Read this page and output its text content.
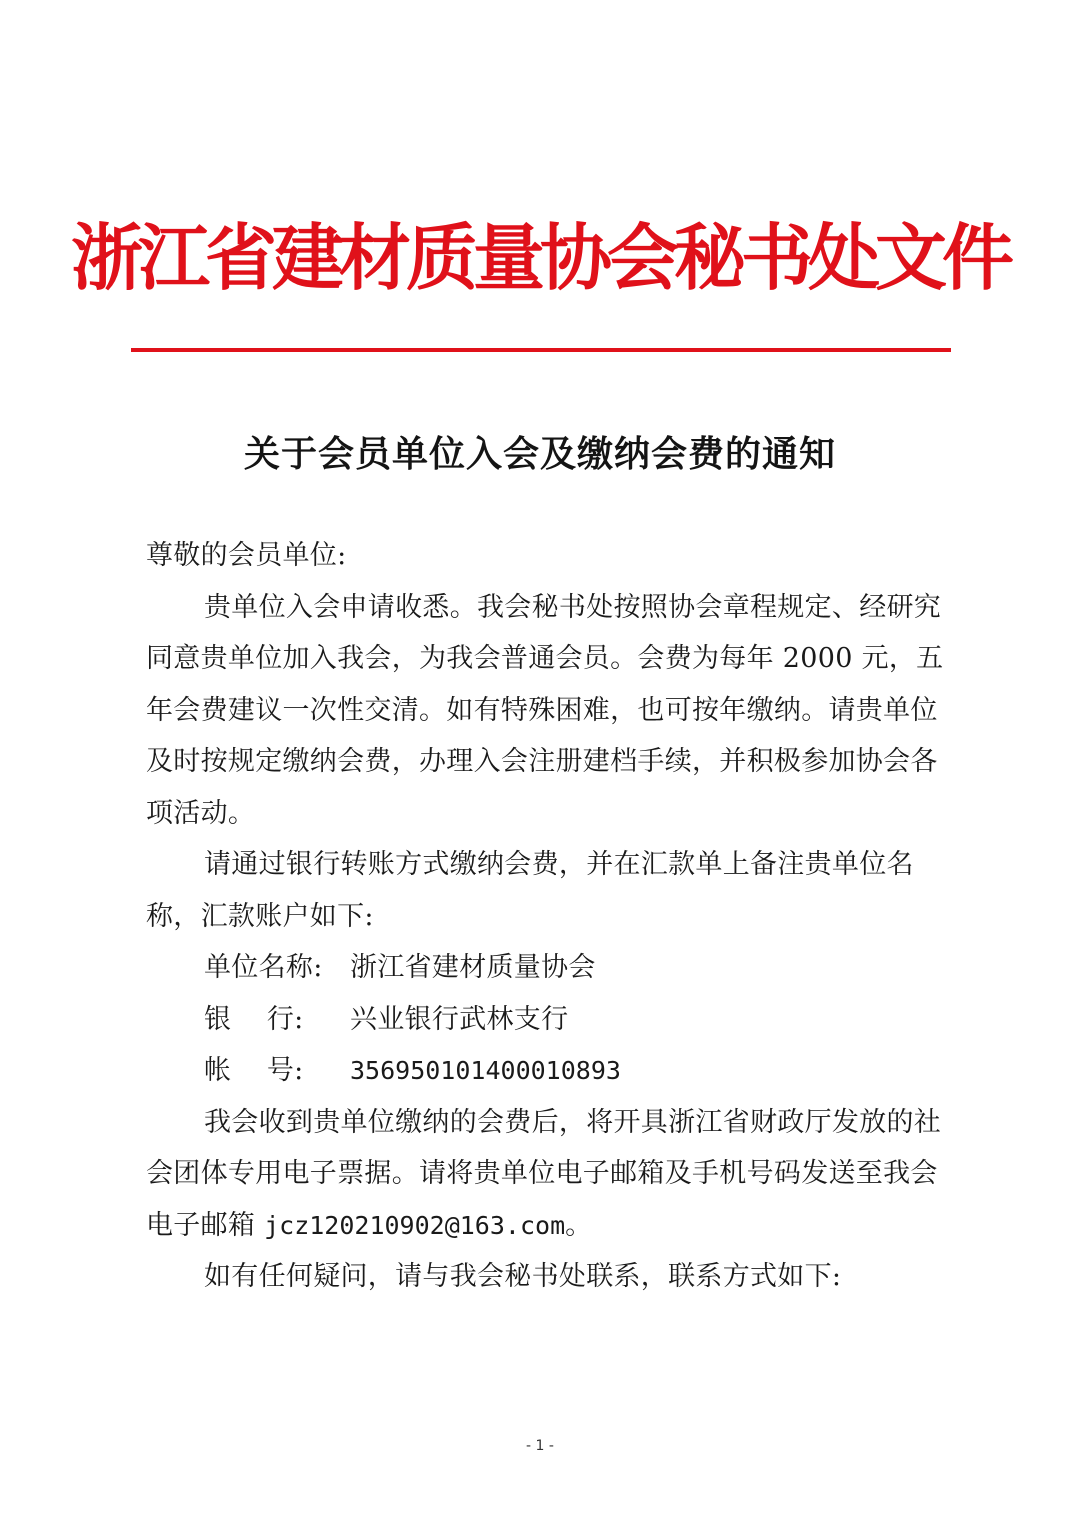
浙江省建材质量协会秘书处文件
关于会员单位入会及缴纳会费的通知

尊敬的会员单位:

贵单位入会申请收悉。我会秘书处按照协会章程规定、经研究同意贵单位加入我会，为我会普通会员。会费为每年 2000 元，五年会费建议一次性交清。如有特殊困难，也可按年缴纳。请贵单位及时按规定缴纳会费，办理入会注册建档手续，并积极参加协会各项活动。

请通过银行转账方式缴纳会费，并在汇款单上备注贵单位名称，汇款账户如下:

单位名称:	浙江省建材质量协会
银    行:	兴业银行武林支行
帐    号:	356950101400010893

我会收到贵单位缴纳的会费后，将开具浙江省财政厅发放的社会团体专用电子票据。请将贵单位电子邮箱及手机号码发送至我会电子邮箱 jcz120210902@163.com。

如有任何疑问，请与我会秘书处联系，联系方式如下:

- 1 -
